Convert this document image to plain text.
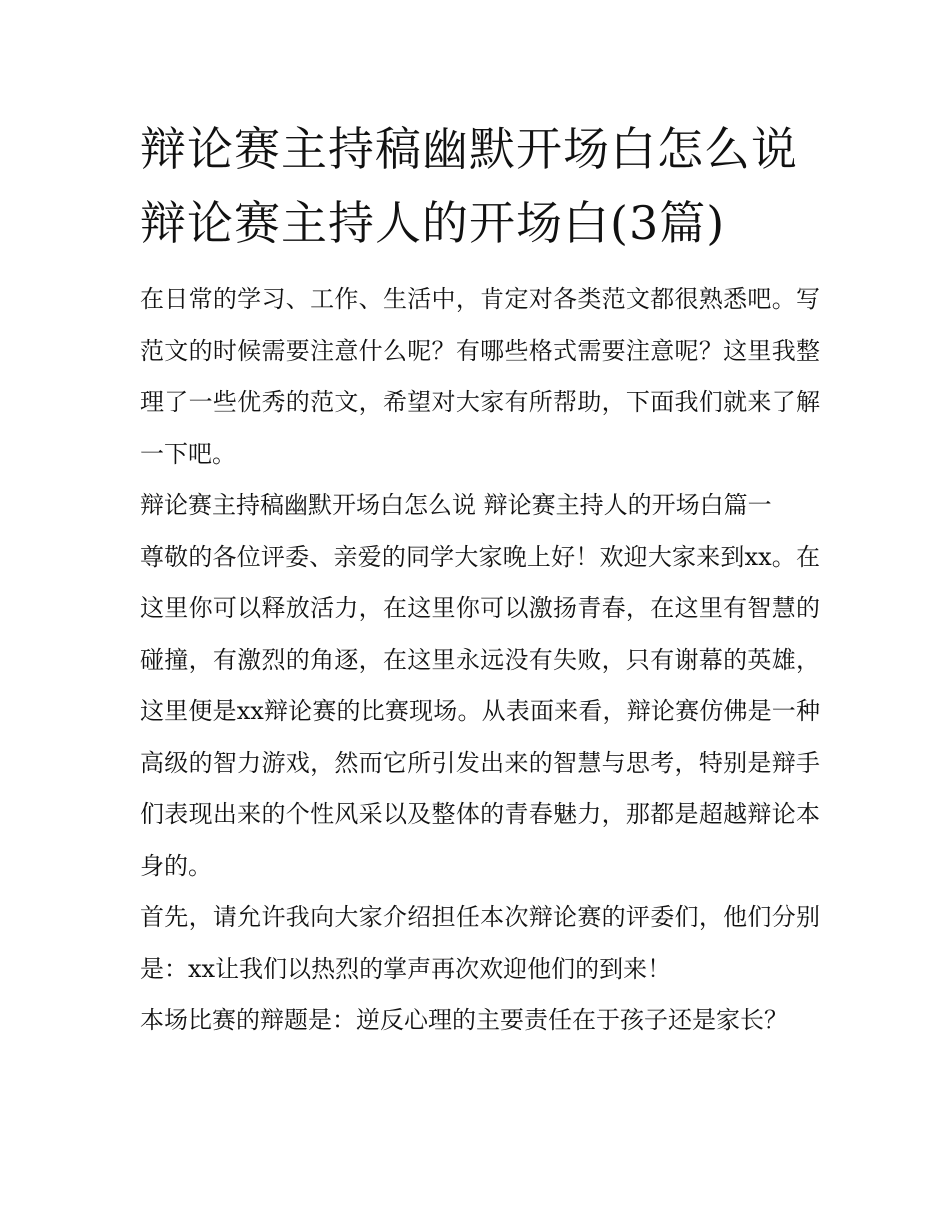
辩论赛主持稿幽默开场白怎么说 辩论赛主持人的开场白(3篇)

在日常的学习、工作、生活中，肯定对各类范文都很熟悉吧。写范文的时候需要注意什么呢？有哪些格式需要注意呢？这里我整理了一些优秀的范文，希望对大家有所帮助，下面我们就来了解一下吧。

辩论赛主持稿幽默开场白怎么说 辩论赛主持人的开场白篇一

尊敬的各位评委、亲爱的同学大家晚上好！欢迎大家来到xx。在这里你可以释放活力，在这里你可以激扬青春，在这里有智慧的碰撞，有激烈的角逐，在这里永远没有失败，只有谢幕的英雄，这里便是xx辩论赛的比赛现场。从表面来看，辩论赛仿佛是一种高级的智力游戏，然而它所引发出来的智慧与思考，特别是辩手们表现出来的个性风采以及整体的青春魅力，那都是超越辩论本身的。

首先，请允许我向大家介绍担任本次辩论赛的评委们，他们分别是：xx让我们以热烈的掌声再次欢迎他们的到来！

本场比赛的辩题是：逆反心理的主要责任在于孩子还是家长？
